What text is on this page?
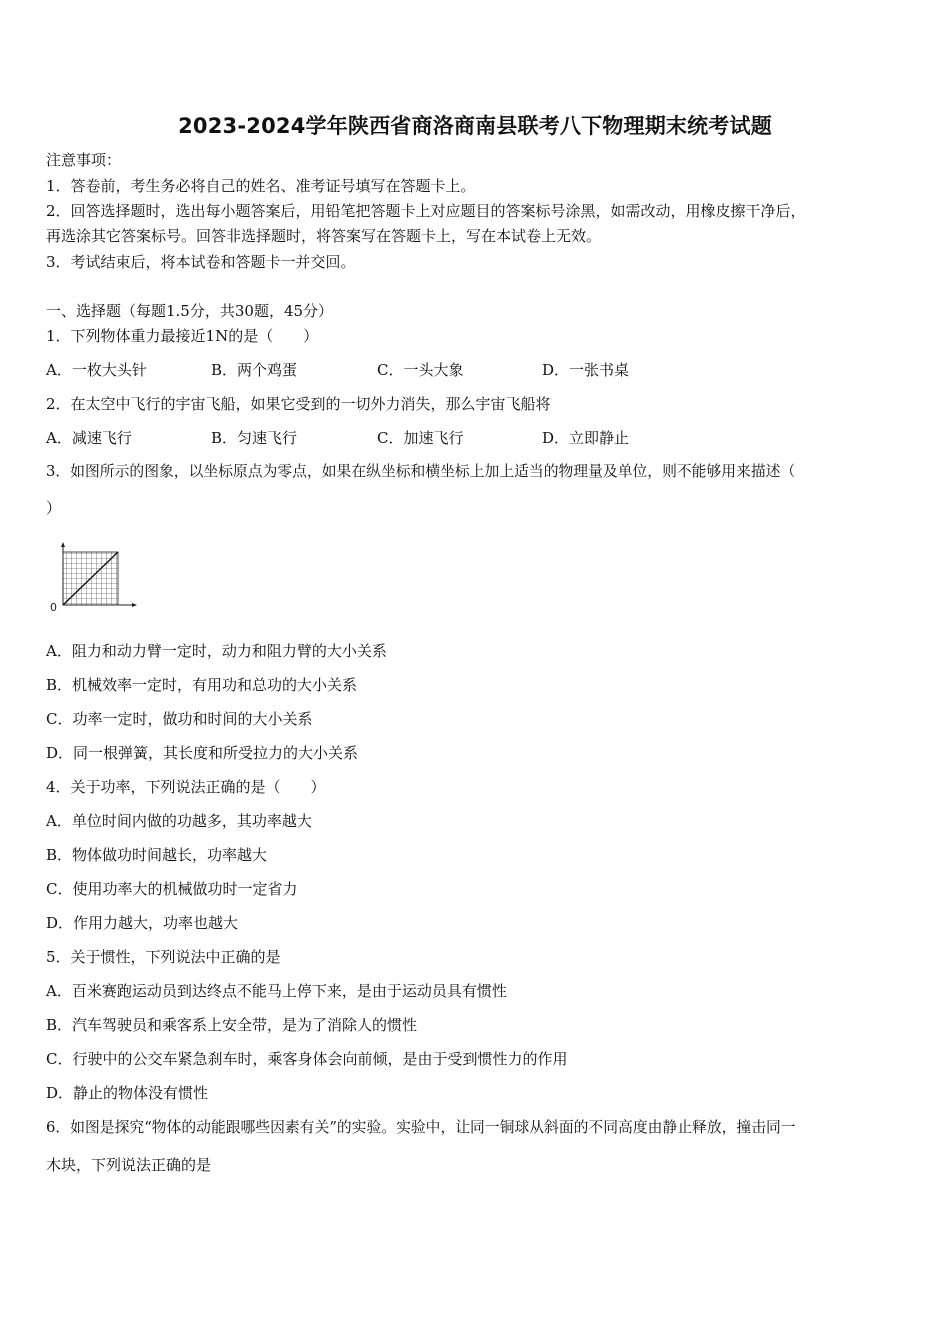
2023-2024学年陕西省商洛商南县联考八下物理期末统考试题
注意事项：
1．答卷前，考生务必将自己的姓名、准考证号填写在答题卡上。
2．回答选择题时，选出每小题答案后，用铅笔把答题卡上对应题目的答案标号涂黑，如需改动，用橡皮擦干净后，
再选涂其它答案标号。回答非选择题时，将答案写在答题卡上，写在本试卷上无效。
3．考试结束后，将本试卷和答题卡一并交回。
一、选择题（每题1.5分，共30题，45分）
1．下列物体重力最接近1N的是（　　）
A．一枚大头针	B．两个鸡蛋	C．一头大象	D．一张书桌
2．在太空中飞行的宇宙飞船，如果它受到的一切外力消失，那么宇宙飞船将
A．减速飞行	B．匀速飞行	C．加速飞行	D．立即静止
3．如图所示的图象，以坐标原点为零点，如果在纵坐标和横坐标上加上适当的物理量及单位，则不能够用来描述（
）
0
A．阻力和动力臂一定时，动力和阻力臂的大小关系
B．机械效率一定时，有用功和总功的大小关系
C．功率一定时，做功和时间的大小关系
D．同一根弹簧，其长度和所受拉力的大小关系
4．关于功率，下列说法正确的是（　　）
A．单位时间内做的功越多，其功率越大
B．物体做功时间越长，功率越大
C．使用功率大的机械做功时一定省力
D．作用力越大，功率也越大
5．关于惯性，下列说法中正确的是
A．百米赛跑运动员到达终点不能马上停下来，是由于运动员具有惯性
B．汽车驾驶员和乘客系上安全带，是为了消除人的惯性
C．行驶中的公交车紧急刹车时，乘客身体会向前倾，是由于受到惯性力的作用
D．静止的物体没有惯性
6．如图是探究“物体的动能跟哪些因素有关”的实验。实验中，让同一铜球从斜面的不同高度由静止释放，撞击同一
木块，下列说法正确的是
